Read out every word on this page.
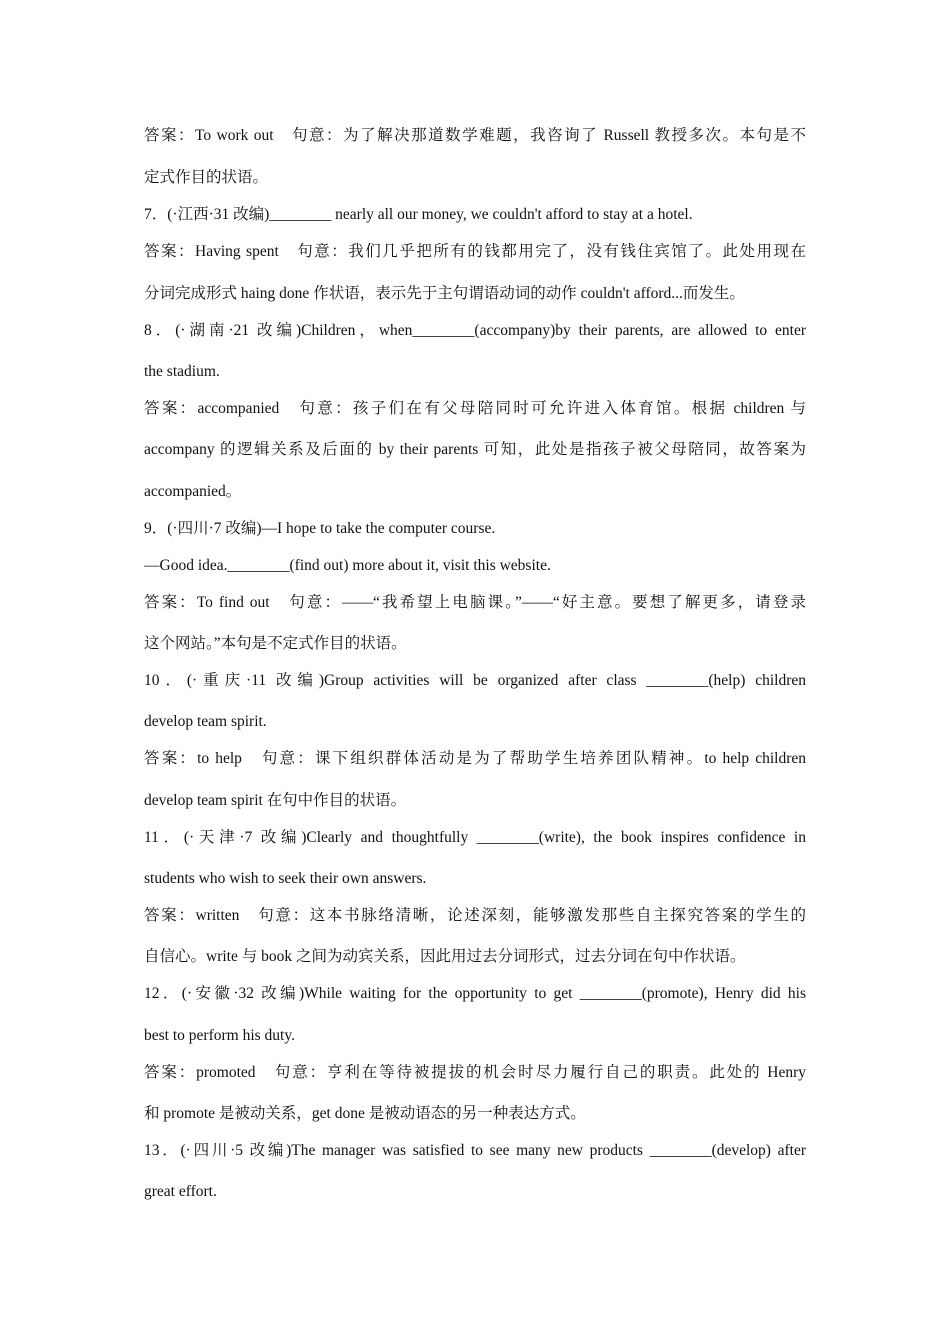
答案：To work out　句意：为了解决那道数学难题，我咨询了 Russell 教授多次。本句是不
定式作目的状语。
7．(·江西·31 改编)________ nearly all our money, we couldn't afford to stay at a hotel.
答案：Having spent　句意：我们几乎把所有的钱都用完了，没有钱住宾馆了。此处用现在
分词完成形式 haing done 作状语，表示先于主句谓语动词的动作 couldn't afford...而发生。
8．(·湖南·21 改编)Children，when________(accompany)by their parents, are allowed to enter
the stadium.
答案：accompanied　句意：孩子们在有父母陪同时可允许进入体育馆。根据 children 与
accompany 的逻辑关系及后面的 by their parents 可知，此处是指孩子被父母陪同，故答案为
accompanied。
9．(·四川·7 改编)—I hope to take the computer course.
—Good idea.________(find out) more about it, visit this website.
答案：To find out　句意：——“我希望上电脑课。”——“好主意。要想了解更多，请登录
这个网站。”本句是不定式作目的状语。
10．(·重庆·11 改编)Group activities will be organized after class ________(help) children
develop team spirit.
答案：to help　句意：课下组织群体活动是为了帮助学生培养团队精神。to help children
develop team spirit 在句中作目的状语。
11．(·天津·7 改编)Clearly and thoughtfully ________(write), the book inspires confidence in
students who wish to seek their own answers.
答案：written　句意：这本书脉络清晰，论述深刻，能够激发那些自主探究答案的学生的
自信心。write 与 book 之间为动宾关系，因此用过去分词形式，过去分词在句中作状语。
12．(·安徽·32 改编)While waiting for the opportunity to get ________(promote), Henry did his
best to perform his duty.
答案：promoted　句意：亨利在等待被提拔的机会时尽力履行自己的职责。此处的 Henry
和 promote 是被动关系，get done 是被动语态的另一种表达方式。
13．(·四川·5 改编)The manager was satisfied to see many new products ________(develop) after
great effort.
